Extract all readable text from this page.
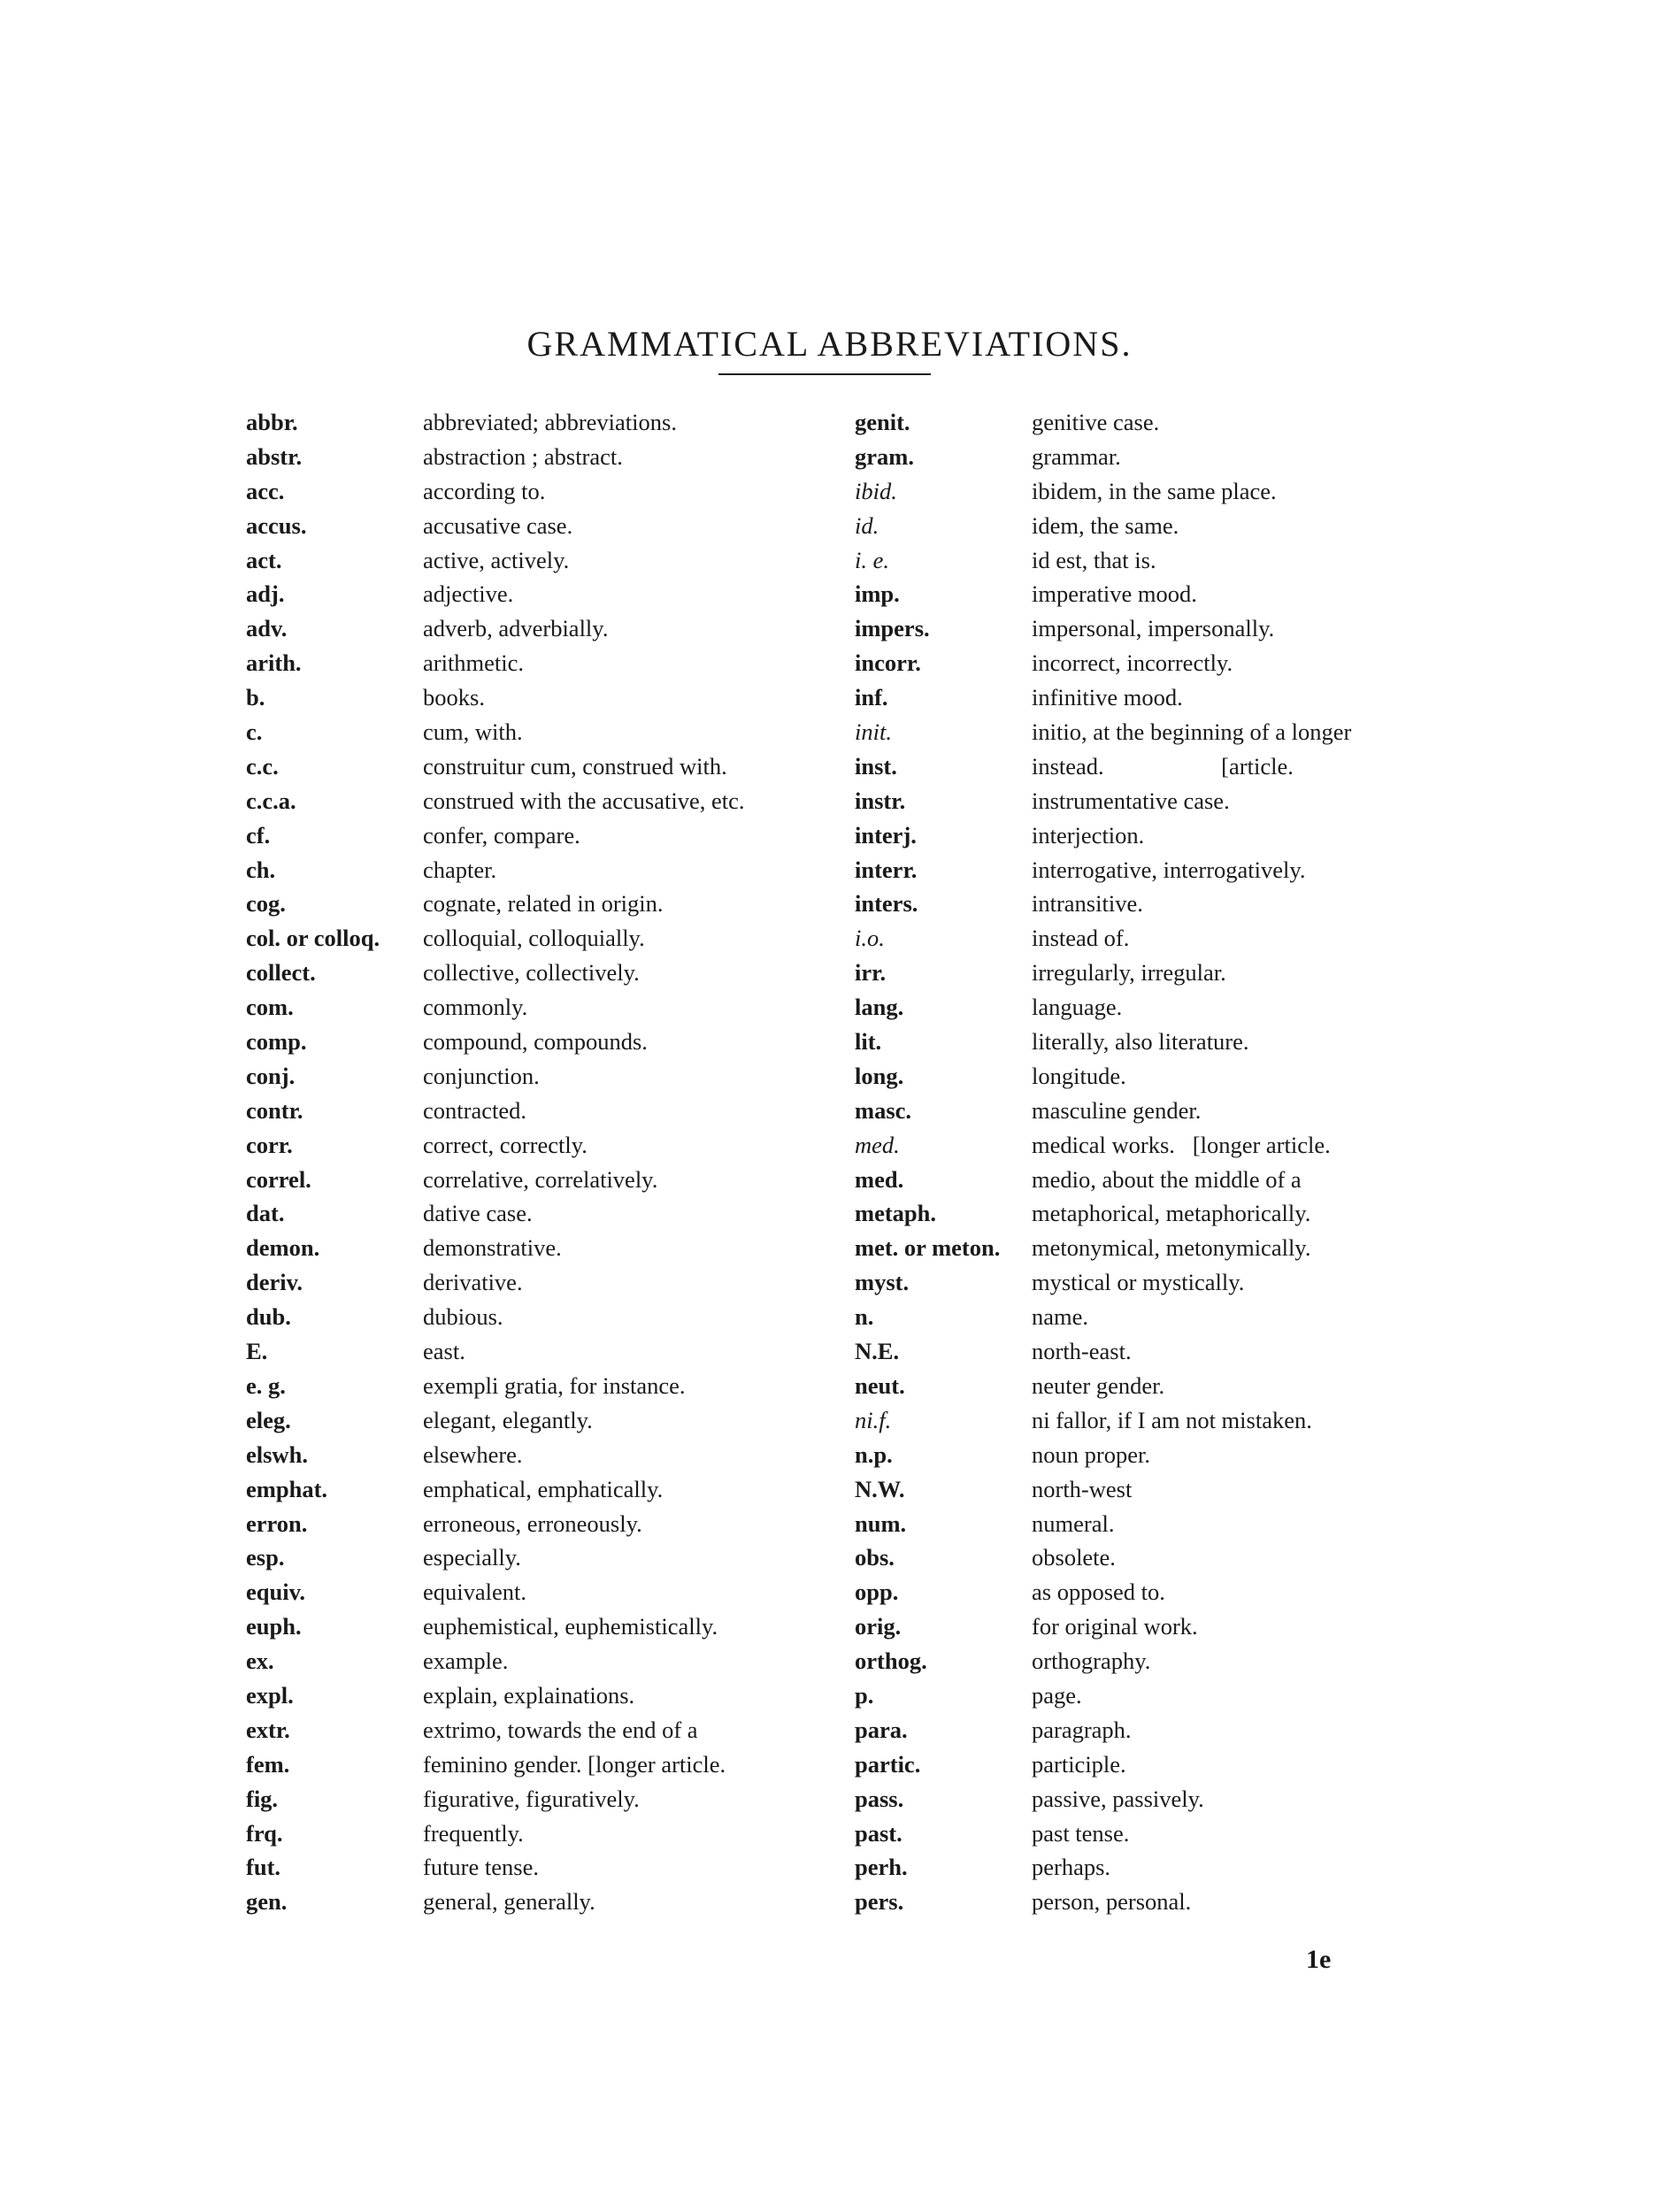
GRAMMATICAL ABBREVIATIONS.
abbr.	abbreviated; abbreviations.
abstr.	abstraction ; abstract.
acc.	according to.
accus.	accusative case.
act.	active, actively.
adj.	adjective.
adv.	adverb, adverbially.
arith.	arithmetic.
b.	books.
c.	cum, with.
c.c.	construitur cum, construed with.
c.c.a.	construed with the accusative, etc.
cf.	confer, compare.
ch.	chapter.
cog.	cognate, related in origin.
col. or colloq.	colloquial, colloquially.
collect.	collective, collectively.
com.	commonly.
comp.	compound, compounds.
conj.	conjunction.
contr.	contracted.
corr.	correct, correctly.
correl.	correlative, correlatively.
dat.	dative case.
demon.	demonstrative.
deriv.	derivative.
dub.	dubious.
E.	east.
e. g.	exempli gratia, for instance.
eleg.	elegant, elegantly.
elswh.	elsewhere.
emphat.	emphatical, emphatically.
erron.	erroneous, erroneously.
esp.	especially.
equiv.	equivalent.
euph.	euphemistical, euphemistically.
ex.	example.
expl.	explain, explainations.
extr.	extrimo, towards the end of a
fem.	feminino gender. [longer article.
fig.	figurative, figuratively.
frq.	frequently.
fut.	future tense.
gen.	general, generally.
genit.	genitive case.
gram.	grammar.
ibid.	ibidem, in the same place.
id.	idem, the same.
i. e.	id est, that is.
imp.	imperative mood.
impers.	impersonal, impersonally.
incorr.	incorrect, incorrectly.
inf.	infinitive mood.
init.	initio, at the beginning of a longer
inst.	instead.                    [article.
instr.	instrumentative case.
interj.	interjection.
interr.	interrogative, interrogatively.
inters.	intransitive.
i.o.	instead of.
irr.	irregularly, irregular.
lang.	language.
lit.	literally, also literature.
long.	longitude.
masc.	masculine gender.
med.	medical works.   [longer article.
med.	medio, about the middle of a
metaph.	metaphorical, metaphorically.
met. or meton.	metonymical, metonymically.
myst.	mystical or mystically.
n.	name.
N.E.	north-east.
neut.	neuter gender.
ni.f.	ni fallor, if I am not mistaken.
n.p.	noun proper.
N.W.	north-west
num.	numeral.
obs.	obsolete.
opp.	as opposed to.
orig.	for original work.
orthog.	orthography.
p.	page.
para.	paragraph.
partic.	participle.
pass.	passive, passively.
past.	past tense.
perh.	perhaps.
pers.	person, personal.
1e
